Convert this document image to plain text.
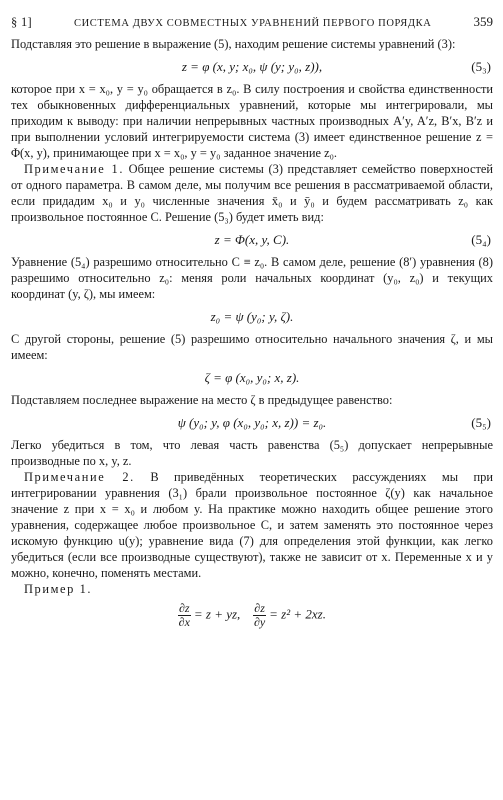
§ 1]	СИСТЕМА ДВУХ СОВМЕСТНЫХ УРАВНЕНИЙ ПЕРВОГО ПОРЯДКА	359

Подставляя это решение в выражение (5), находим решение системы уравнений (3):

z = φ (x, y; x₀, ψ (y; y₀, z)),	(5₃)

которое при x = x₀, y = y₀ обращается в z₀. В силу построения и свойства единственности тех обыкновенных дифференциальных уравнений, которые мы интегрировали, мы приходим к выводу: при наличии непрерывных частных производных A′y, A′z, B′x, B′z и при выполнении условий интегрируемости система (3) имеет единственное решение z = Φ(x, y), принимающее при x = x₀, y = y₀ заданное значение z₀.

Примечание 1. Общее решение системы (3) представляет семейство поверхностей от одного параметра. В самом деле, мы получим все решения в рассматриваемой области, если придадим x₀ и y₀ численные значения x̄₀ и ȳ₀ и будем рассматривать z₀ как произвольное постоянное C. Решение (5₃) будет иметь вид:

z = Φ(x, y, C).	(5₄)

Уравнение (5₄) разрешимо относительно C ≡ z₀. В самом деле, решение (8′) уравнения (8) разрешимо относительно z₀: меняя роли начальных координат (y₀, z₀) и текущих координат (y, ζ), мы имеем:

z₀ = ψ (y₀; y, ζ).

С другой стороны, решение (5) разрешимо относительно начального значения ζ, и мы имеем:

ζ = φ (x₀, y₀; x, z).

Подставляем последнее выражение на место ζ в предыдущее равенство:

ψ (y₀; y, φ (x₀, y₀; x, z)) = z₀.	(5₅)

Легко убедиться в том, что левая часть равенства (5₅) допускает непрерывные производные по x, y, z.

Примечание 2. В приведённых теоретических рассуждениях мы при интегрировании уравнения (3₁) брали произвольное постоянное ζ(y) как начальное значение z при x = x₀ и любом y. На практике можно находить общее решение этого уравнения, содержащее любое произвольное C, и затем заменять это постоянное через искомую функцию u(y); уравнение вида (7) для определения этой функции, как легко убедиться (если все производные существуют), также не зависит от x. Переменные x и y можно, конечно, поменять местами.

Пример 1.

$\frac{\partial z}{\partial x} = z$ + yz, $\frac{\partial z}{\partial y} = z^2 + 2xz$.
